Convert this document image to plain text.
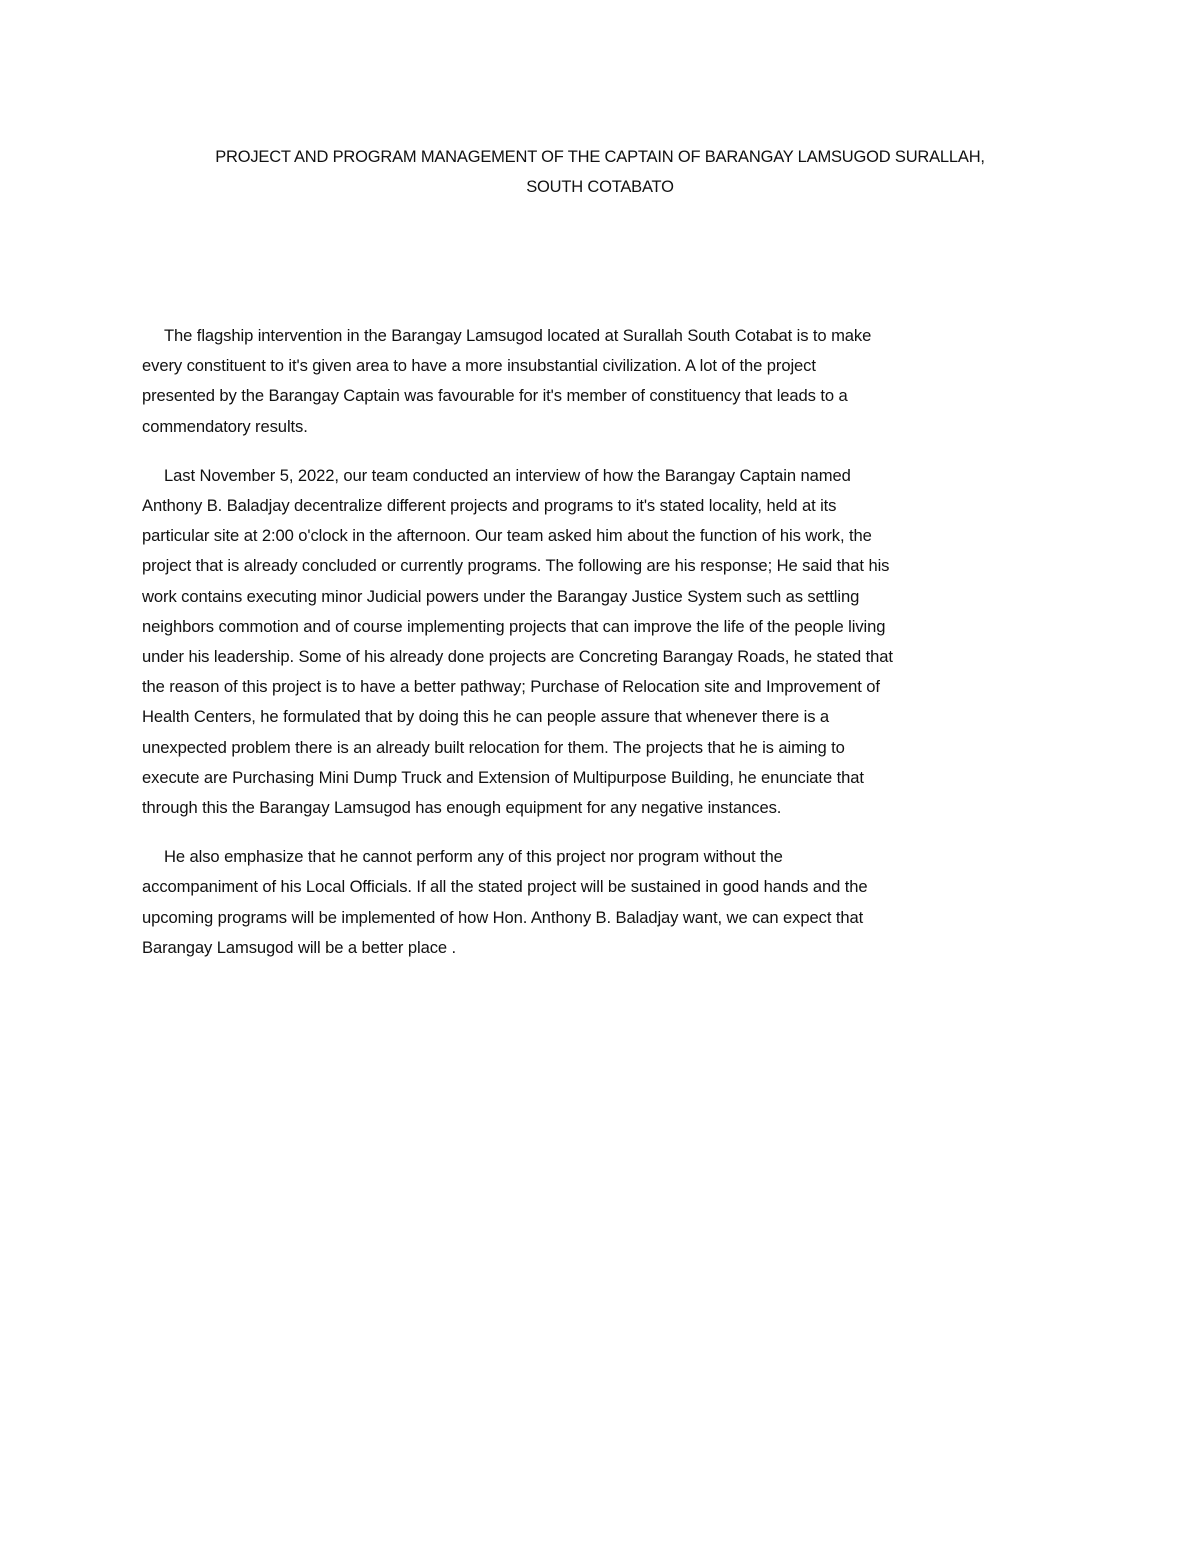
PROJECT AND PROGRAM MANAGEMENT OF THE CAPTAIN OF BARANGAY LAMSUGOD SURALLAH,
SOUTH COTABATO

The flagship intervention in the Barangay Lamsugod located at Surallah South Cotabat is to make
every constituent to it's given area to have a more insubstantial civilization. A lot of the project
presented by the Barangay Captain was favourable for it's member of constituency that leads to a
commendatory results.

Last November 5, 2022, our team conducted an interview of how the Barangay Captain named
Anthony B. Baladjay decentralize different projects and programs to it's stated locality, held at its
particular site at 2:00 o'clock in the afternoon. Our team asked him about the function of his work, the
project that is already concluded or currently programs. The following are his response; He said that his
work contains executing minor Judicial powers under the Barangay Justice System such as settling
neighbors commotion and of course implementing projects that can improve the life of the people living
under his leadership. Some of his already done projects are Concreting Barangay Roads, he stated that
the reason of this project is to have a better pathway; Purchase of Relocation site and Improvement of
Health Centers, he formulated that by doing this he can people assure that whenever there is a
unexpected problem there is an already built relocation for them. The projects that he is aiming to
execute are Purchasing Mini Dump Truck and Extension of Multipurpose Building, he enunciate that
through this the Barangay Lamsugod has enough equipment for any negative instances.

He also emphasize that he cannot perform any of this project nor program without the
accompaniment of his Local Officials. If all the stated project will be sustained in good hands and the
upcoming programs will be implemented of how Hon. Anthony B. Baladjay want, we can expect that
Barangay Lamsugod will be a better place .
